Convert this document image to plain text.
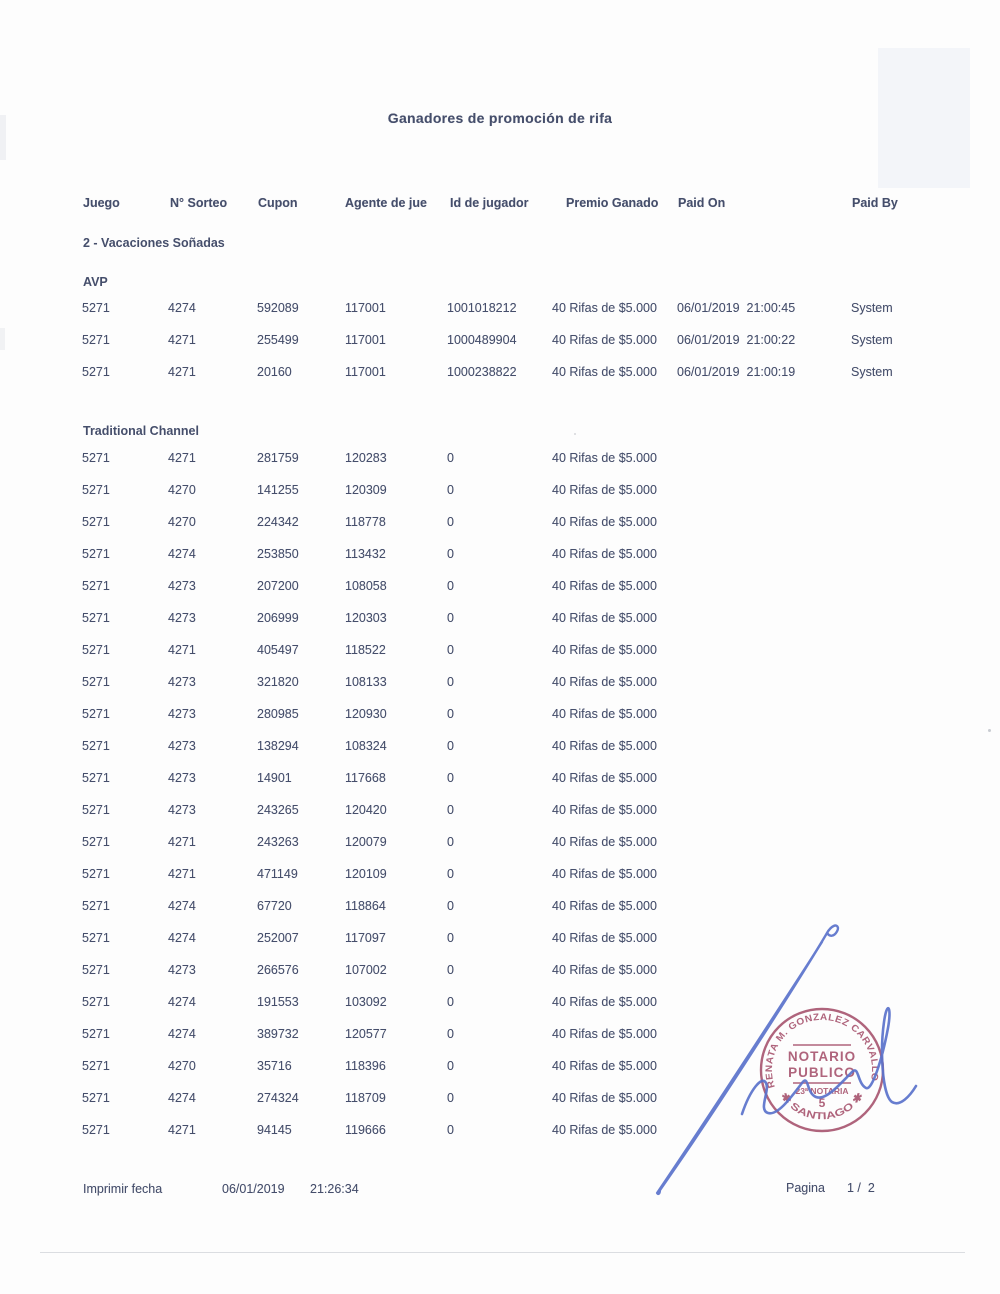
Ganadores de promoción de rifa
Juego	N° Sorteo	Cupon	Agente de jue	Id de jugador	Premio Ganado	Paid On	Paid By
2 - Vacaciones Soñadas
AVP
5271	4274	592089	117001	1001018212	40 Rifas de $5.000	06/01/2019  21:00:45	System
5271	4271	255499	117001	1000489904	40 Rifas de $5.000	06/01/2019  21:00:22	System
5271	4271	20160	117001	1000238822	40 Rifas de $5.000	06/01/2019  21:00:19	System
Traditional Channel
5271	4271	281759	120283	0	40 Rifas de $5.000
5271	4270	141255	120309	0	40 Rifas de $5.000
5271	4270	224342	118778	0	40 Rifas de $5.000
5271	4274	253850	113432	0	40 Rifas de $5.000
5271	4273	207200	108058	0	40 Rifas de $5.000
5271	4273	206999	120303	0	40 Rifas de $5.000
5271	4271	405497	118522	0	40 Rifas de $5.000
5271	4273	321820	108133	0	40 Rifas de $5.000
5271	4273	280985	120930	0	40 Rifas de $5.000
5271	4273	138294	108324	0	40 Rifas de $5.000
5271	4273	14901	117668	0	40 Rifas de $5.000
5271	4273	243265	120420	0	40 Rifas de $5.000
5271	4271	243263	120079	0	40 Rifas de $5.000
5271	4271	471149	120109	0	40 Rifas de $5.000
5271	4274	67720	118864	0	40 Rifas de $5.000
5271	4274	252007	117097	0	40 Rifas de $5.000
5271	4273	266576	107002	0	40 Rifas de $5.000
5271	4274	191553	103092	0	40 Rifas de $5.000
5271	4274	389732	120577	0	40 Rifas de $5.000
5271	4270	35716	118396	0	40 Rifas de $5.000
5271	4274	274324	118709	0	40 Rifas de $5.000
5271	4271	94145	119666	0	40 Rifas de $5.000
Imprimir fecha	06/01/2019 21:26:34	Pagina 1 /  2
RENATA M. GONZALEZ CARVALLO
✱ SANTIAGO ✱
NOTARIO
PUBLICO
23ª NOTARIA
5
